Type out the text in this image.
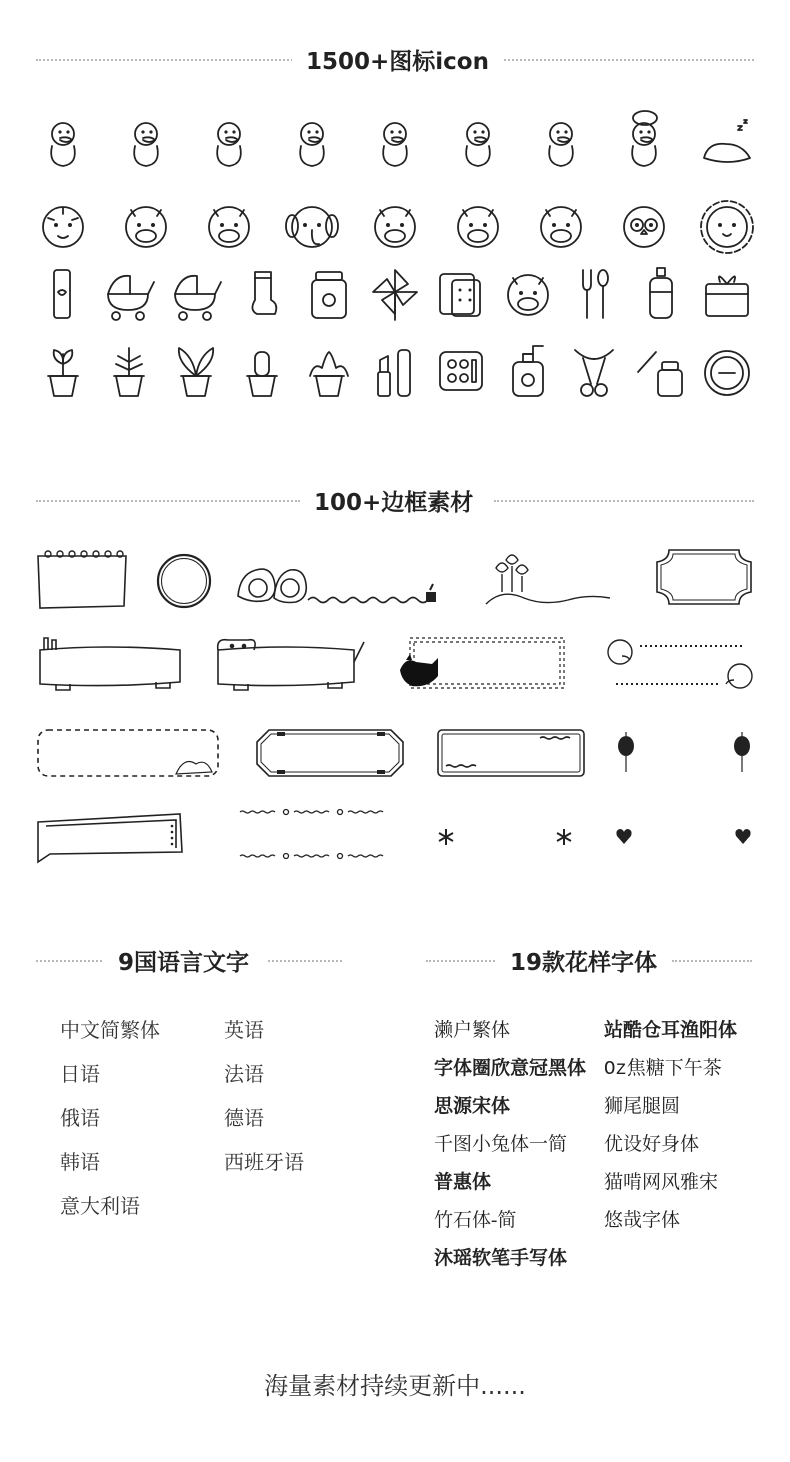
1500+图标icon
100+边框素材
9国语言文字
中文简繁体
日语
俄语
韩语
意大利语
英语
法语
德语
西班牙语
19款花样字体
濑户繁体
字体圈欣意冠黑体
思源宋体
千图小兔体一简
普惠体
竹石体-简
沐瑶软笔手写体
站酷仓耳渔阳体
Oz焦糖下午茶
狮尾腿圆
优设好身体
猫啃网风雅宋
悠哉字体
海量素材持续更新中......
